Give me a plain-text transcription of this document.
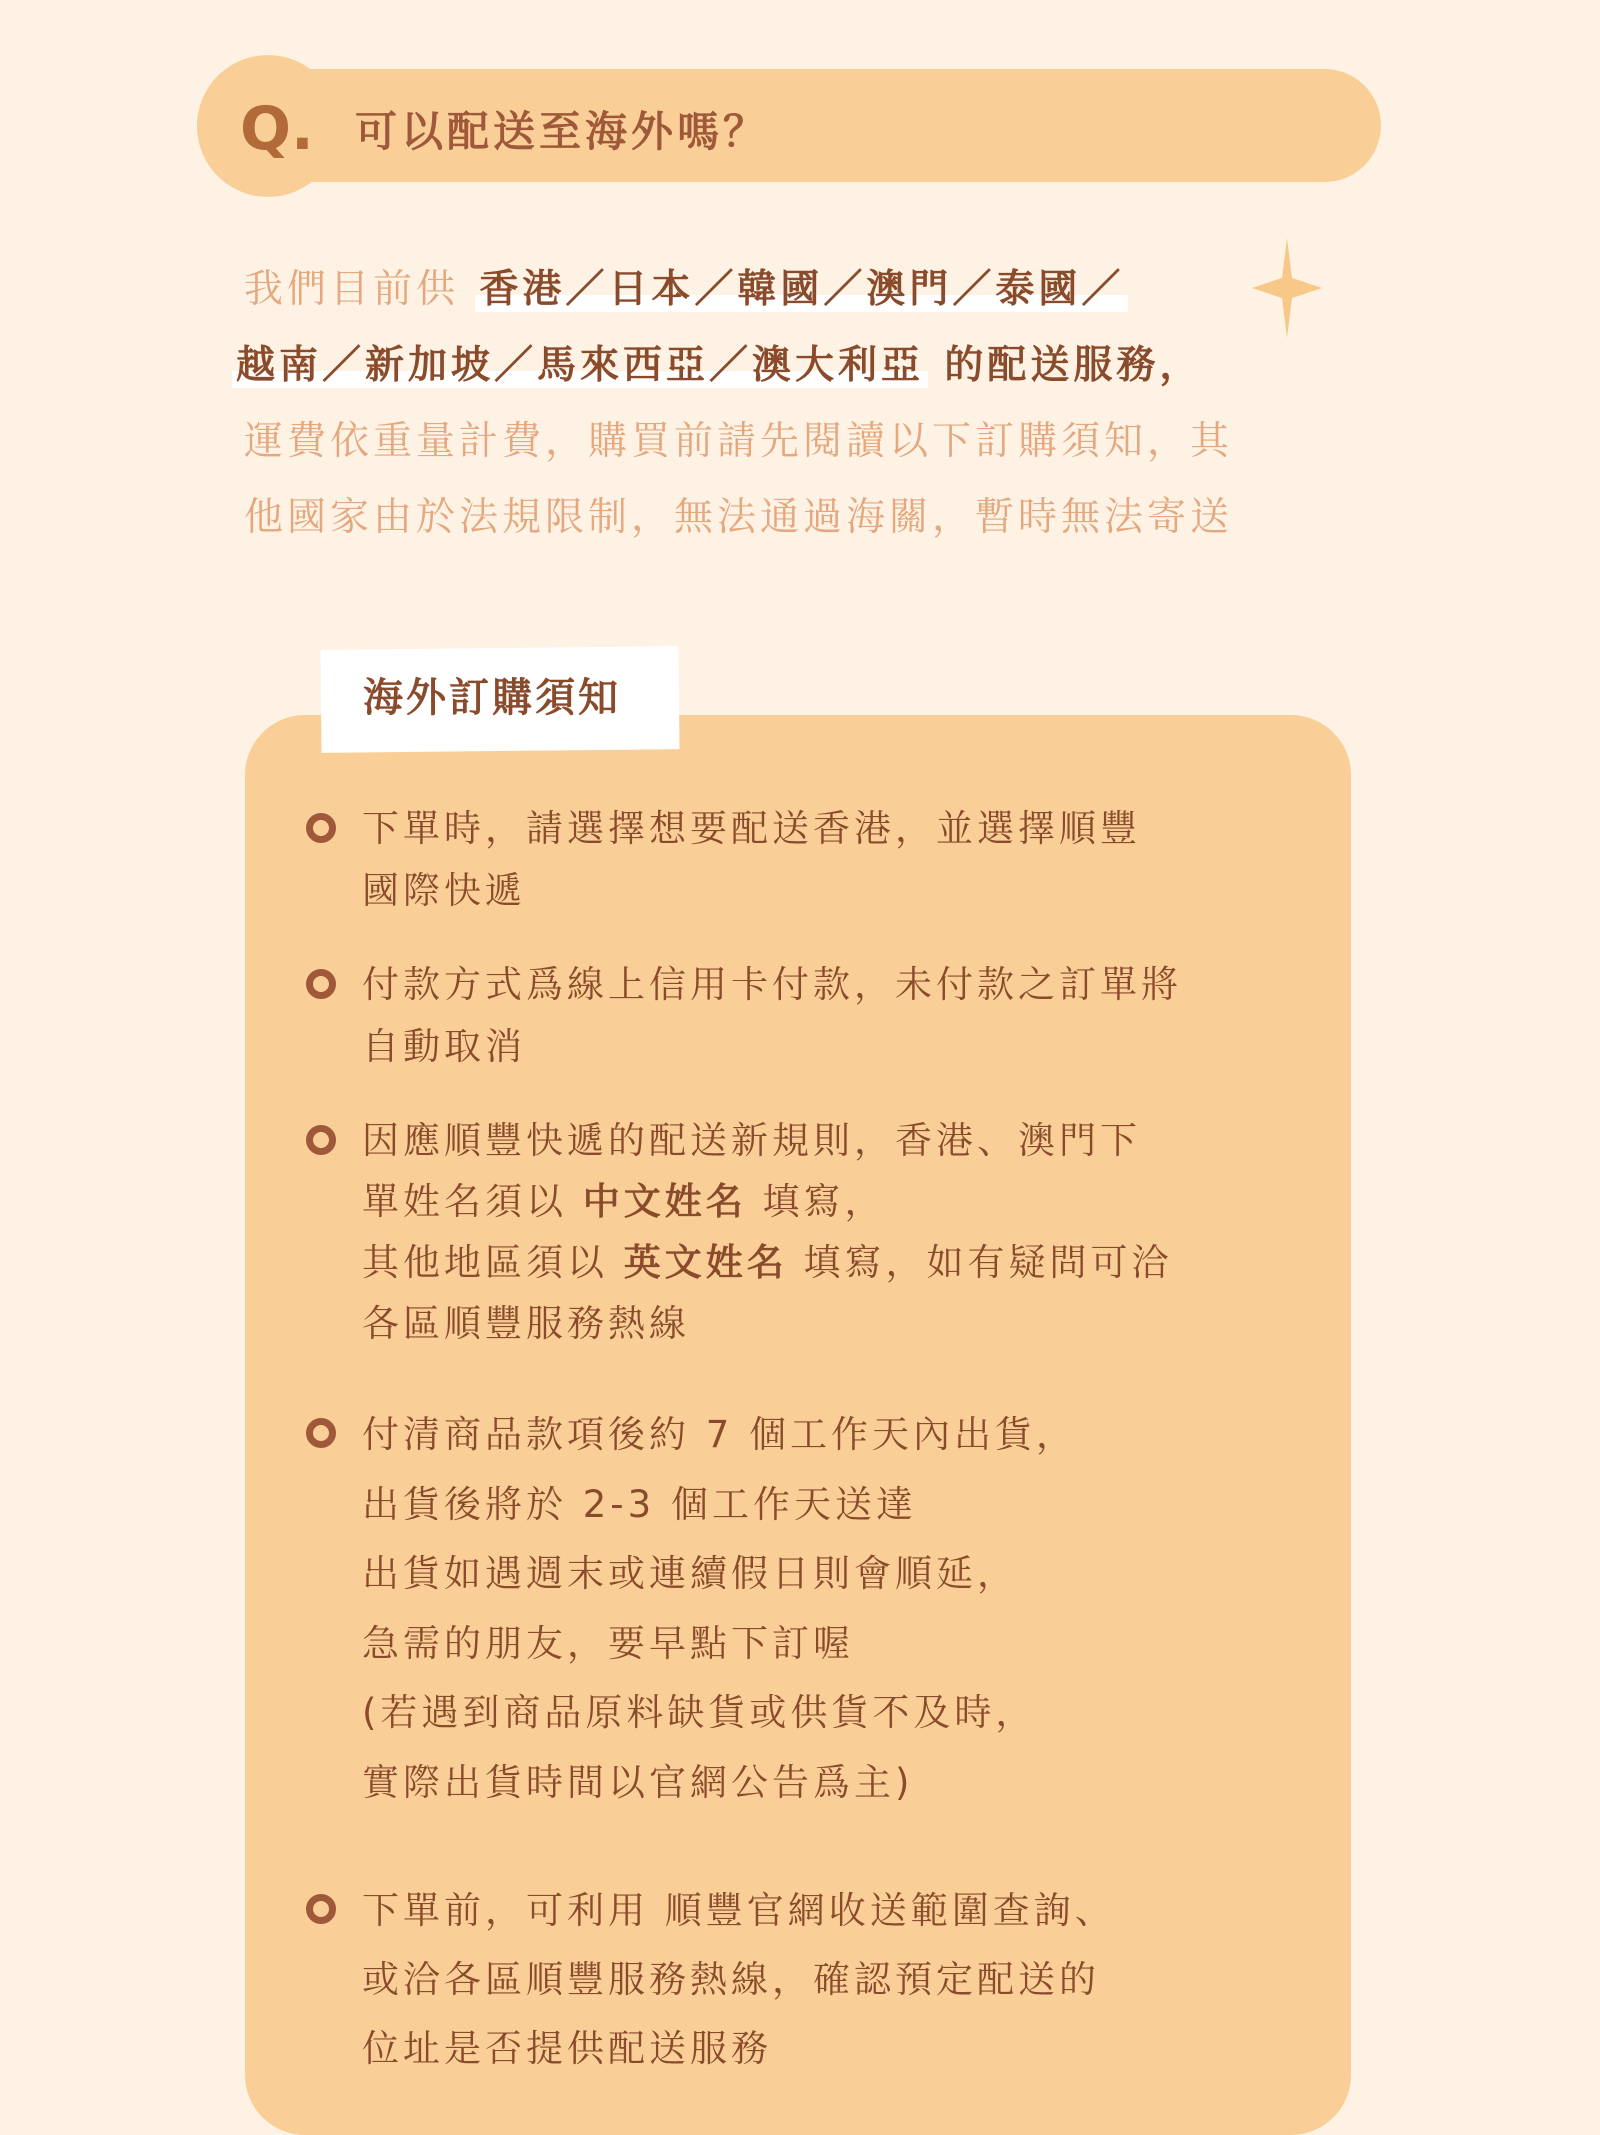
Q. 可以配送至海外嗎？
我們目前供 香港／日本／韓國／澳門／泰國／
越南／新加坡／馬來西亞／澳大利亞 的配送服務，
運費依重量計費，購買前請先閱讀以下訂購須知，其
他國家由於法規限制，無法通過海關，暫時無法寄送
海外訂購須知
下單時，請選擇想要配送香港，並選擇順豐
國際快遞
付款方式爲線上信用卡付款，未付款之訂單將
自動取消
因應順豐快遞的配送新規則，香港、澳門下
單姓名須以 中文姓名 填寫，
其他地區須以 英文姓名 填寫，如有疑問可洽
各區順豐服務熱線
付清商品款項後約 7 個工作天內出貨，
出貨後將於 2-3 個工作天送達
出貨如遇週末或連續假日則會順延，
急需的朋友，要早點下訂喔
(若遇到商品原料缺貨或供貨不及時，
實際出貨時間以官網公告爲主)
下單前，可利用 順豐官網收送範圍查詢、
或洽各區順豐服務熱線，確認預定配送的
位址是否提供配送服務
